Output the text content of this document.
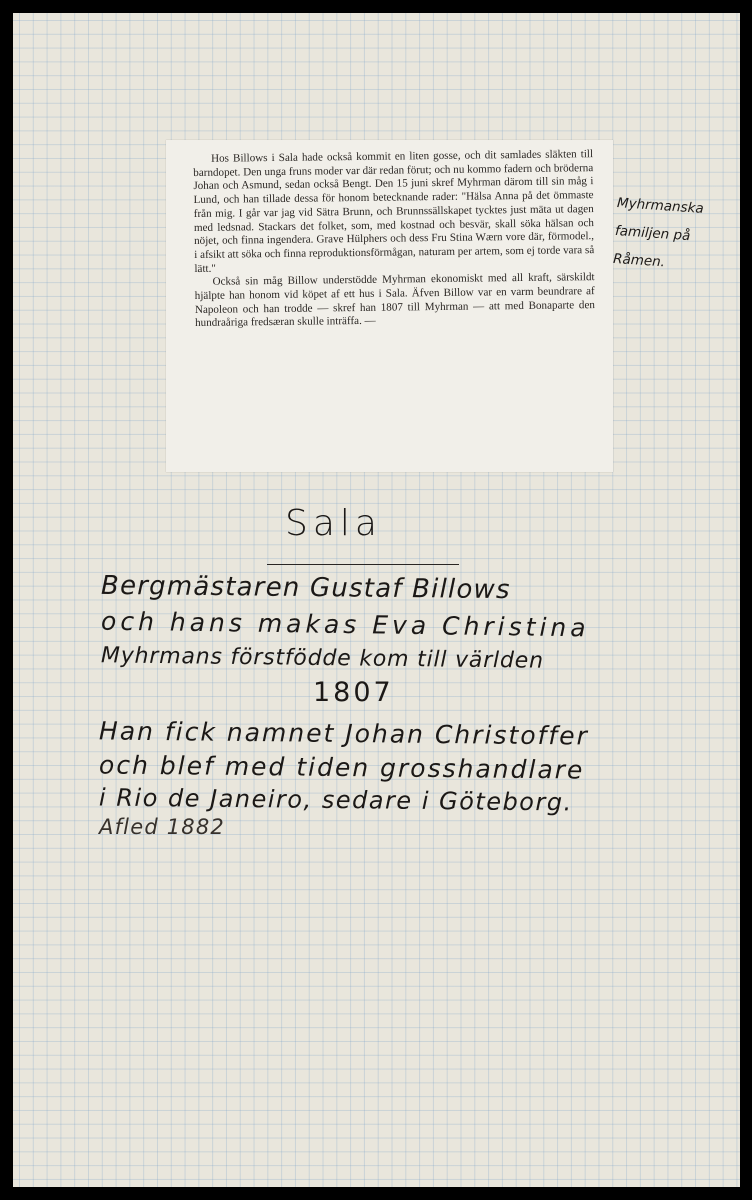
Hos Billows i Sala hade också kommit en liten gosse, och dit samlades släkten till barndopet. Den unga fruns moder var där redan förut; och nu kommo fadern och bröderna Johan och Asmund, sedan också Bengt. Den 15 juni skref Myhrman därom till sin måg i Lund, och han tillade dessa för honom betecknande rader: "Hälsa Anna på det ömmaste från mig. I går var jag vid Sätra Brunn, och Brunnssällskapet tycktes just mäta ut dagen med ledsnad. Stackars det folket, som, med kostnad och besvär, skall söka hälsan och nöjet, och finna ingendera. Grave Hülphers och dess Fru Stina Wærn vore där, förmodel., i afsikt att söka och finna reproduktionsförmågan, naturam per artem, som ej torde vara så lätt."

Också sin måg Billow understödde Myhrman ekonomiskt med all kraft, särskildt hjälpte han honom vid köpet af ett hus i Sala. Äfven Billow var en varm beundrare af Napoleon och han trodde — skref han 1807 till Myhrman — att med Bonaparte den hundraåriga fredsæran skulle inträffa. —

Myhrmanska
familjen på
Råmen.
Sala
Bergmästaren Gustaf Billows
och hans makas Eva Christina
Myhrmans förstfödde kom till världen
1807
Han fick namnet Johan Christoffer
och blef med tiden grosshandlare
i Rio de Janeiro, sedare i Göteborg.
Afled 1882
